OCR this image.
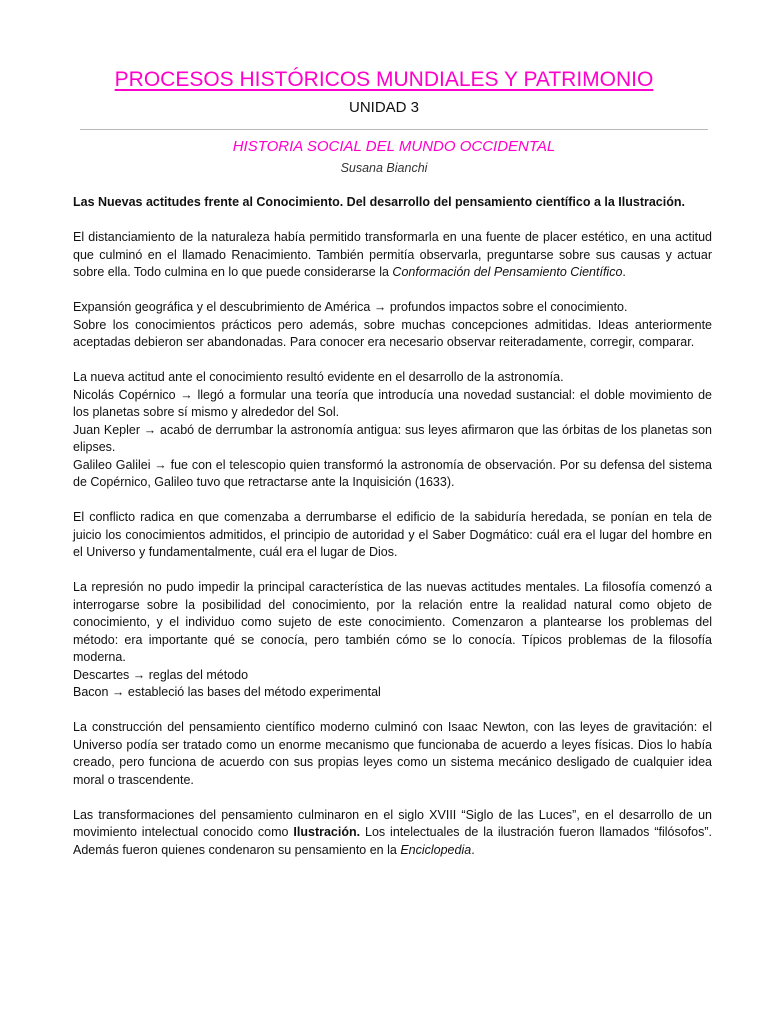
PROCESOS HISTÓRICOS MUNDIALES Y PATRIMONIO
UNIDAD 3
HISTORIA SOCIAL DEL MUNDO OCCIDENTAL
Susana Bianchi

Las Nuevas actitudes frente al Conocimiento. Del desarrollo del pensamiento científico a la Ilustración.

El distanciamiento de la naturaleza había permitido transformarla en una fuente de placer estético, en una actitud que culminó en el llamado Renacimiento. También permitía observarla, preguntarse sobre sus causas y actuar sobre ella. Todo culmina en lo que puede considerarse la Conformación del Pensamiento Científico.

Expansión geográfica y el descubrimiento de América → profundos impactos sobre el conocimiento.
Sobre los conocimientos prácticos pero además, sobre muchas concepciones admitidas. Ideas anteriormente aceptadas debieron ser abandonadas. Para conocer era necesario observar reiteradamente, corregir, comparar.

La nueva actitud ante el conocimiento resultó evidente en el desarrollo de la astronomía.
Nicolás Copérnico → llegó a formular una teoría que introducía una novedad sustancial: el doble movimiento de los planetas sobre sí mismo y alrededor del Sol.
Juan Kepler → acabó de derrumbar la astronomía antigua: sus leyes afirmaron que las órbitas de los planetas son elipses.
Galileo Galilei → fue con el telescopio quien transformó la astronomía de observación. Por su defensa del sistema de Copérnico, Galileo tuvo que retractarse ante la Inquisición (1633).

El conflicto radica en que comenzaba a derrumbarse el edificio de la sabiduría heredada, se ponían en tela de juicio los conocimientos admitidos, el principio de autoridad y el Saber Dogmático: cuál era el lugar del hombre en el Universo y fundamentalmente, cuál era el lugar de Dios.

La represión no pudo impedir la principal característica de las nuevas actitudes mentales. La filosofía comenzó a interrogarse sobre la posibilidad del conocimiento, por la relación entre la realidad natural como objeto de conocimiento, y el individuo como sujeto de este conocimiento. Comenzaron a plantearse los problemas del método: era importante qué se conocía, pero también cómo se lo conocía. Típicos problemas de la filosofía moderna.
Descartes → reglas del método
Bacon → estableció las bases del método experimental

La construcción del pensamiento científico moderno culminó con Isaac Newton, con las leyes de gravitación: el Universo podía ser tratado como un enorme mecanismo que funcionaba de acuerdo a leyes físicas. Dios lo había creado, pero funciona de acuerdo con sus propias leyes como un sistema mecánico desligado de cualquier idea moral o trascendente.

Las transformaciones del pensamiento culminaron en el siglo XVIII “Siglo de las Luces”, en el desarrollo de un movimiento intelectual conocido como Ilustración. Los intelectuales de la ilustración fueron llamados “filósofos”. Además fueron quienes condenaron su pensamiento en la Enciclopedia.
